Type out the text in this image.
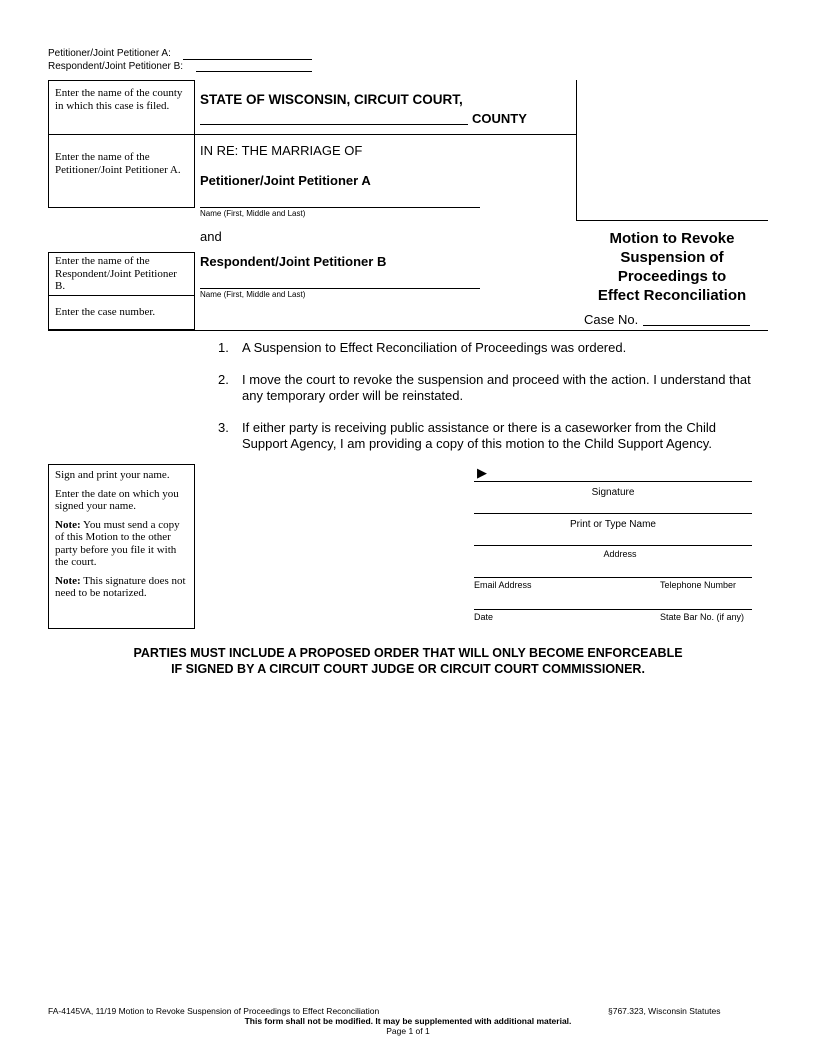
Petitioner/Joint Petitioner A:
Respondent/Joint Petitioner B:
Enter the name of the county in which this case is filed.	STATE OF WISCONSIN, CIRCUIT COURT,
COUNTY
Enter the name of the Petitioner/Joint Petitioner A.
IN RE: THE MARRIAGE OF
Petitioner/Joint Petitioner A
Name (First, Middle and Last)
and
Enter the name of the Respondent/Joint Petitioner B.
Enter the case number.
Respondent/Joint Petitioner B
Name (First, Middle and Last)
Motion to Revoke
Suspension of
Proceedings to
Effect Reconciliation
Case No.
1. A Suspension to Effect Reconciliation of Proceedings was ordered.
2. I move the court to revoke the suspension and proceed with the action. I understand that any temporary order will be reinstated.
3. If either party is receiving public assistance or there is a caseworker from the Child Support Agency, I am providing a copy of this motion to the Child Support Agency.
Sign and print your name.
Enter the date on which you signed your name.
Note: You must send a copy of this Motion to the other party before you file it with the court.
Note: This signature does not need to be notarized.
▶
Signature
Print or Type Name
Address
Email Address	Telephone Number
Date	State Bar No. (if any)
PARTIES MUST INCLUDE A PROPOSED ORDER THAT WILL ONLY BECOME ENFORCEABLE
IF SIGNED BY A CIRCUIT COURT JUDGE OR CIRCUIT COURT COMMISSIONER.
FA-4145VA, 11/19 Motion to Revoke Suspension of Proceedings to Effect Reconciliation	§767.323, Wisconsin Statutes
This form shall not be modified. It may be supplemented with additional material.
Page 1 of 1
